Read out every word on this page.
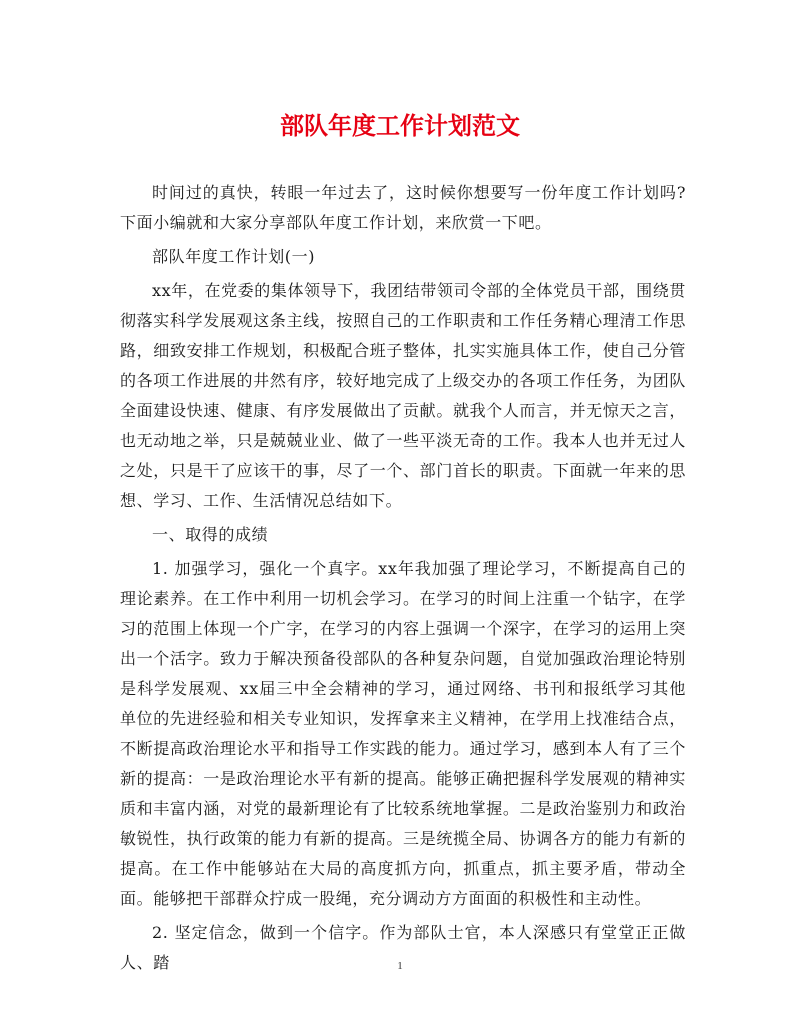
部队年度工作计划范文

时间过的真快，转眼一年过去了，这时候你想要写一份年度工作计划吗?下面小编就和大家分享部队年度工作计划，来欣赏一下吧。

部队年度工作计划(一)

xx年，在党委的集体领导下，我团结带领司令部的全体党员干部，围绕贯彻落实科学发展观这条主线，按照自己的工作职责和工作任务精心理清工作思路，细致安排工作规划，积极配合班子整体，扎实实施具体工作，使自己分管的各项工作进展的井然有序，较好地完成了上级交办的各项工作任务，为团队全面建设快速、健康、有序发展做出了贡献。就我个人而言，并无惊天之言，也无动地之举，只是兢兢业业、做了一些平淡无奇的工作。我本人也并无过人之处，只是干了应该干的事，尽了一个、部门首长的职责。下面就一年来的思想、学习、工作、生活情况总结如下。

一、取得的成绩

1. 加强学习，强化一个真字。xx年我加强了理论学习，不断提高自己的理论素养。在工作中利用一切机会学习。在学习的时间上注重一个钻字，在学习的范围上体现一个广字，在学习的内容上强调一个深字，在学习的运用上突出一个活字。致力于解决预备役部队的各种复杂问题，自觉加强政治理论特别是科学发展观、xx届三中全会精神的学习，通过网络、书刊和报纸学习其他单位的先进经验和相关专业知识，发挥拿来主义精神，在学用上找准结合点，不断提高政治理论水平和指导工作实践的能力。通过学习，感到本人有了三个新的提高：一是政治理论水平有新的提高。能够正确把握科学发展观的精神实质和丰富内涵，对党的最新理论有了比较系统地掌握。二是政治鉴别力和政治敏锐性，执行政策的能力有新的提高。三是统揽全局、协调各方的能力有新的提高。在工作中能够站在大局的高度抓方向，抓重点，抓主要矛盾，带动全面。能够把干部群众拧成一股绳，充分调动方方面面的积极性和主动性。

2. 坚定信念，做到一个信字。作为部队士官，本人深感只有堂堂正正做人、踏	1
